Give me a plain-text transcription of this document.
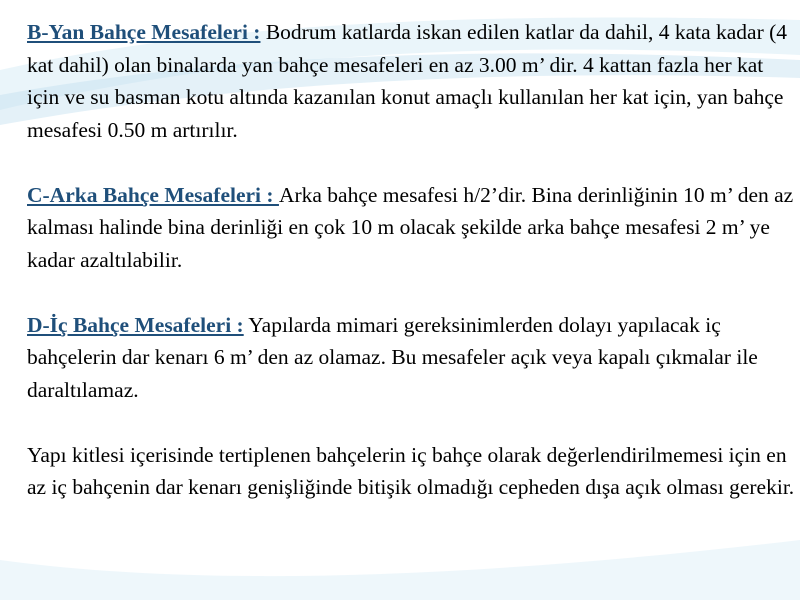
B-Yan Bahçe Mesafeleri : Bodrum katlarda iskan edilen katlar da dahil, 4 kata kadar (4 kat dahil) olan binalarda yan bahçe mesafeleri en az 3.00 m’ dir. 4 kattan fazla her kat için ve su basman kotu altında kazanılan konut amaçlı kullanılan her kat için, yan bahçe mesafesi 0.50 m artırılır.

C-Arka Bahçe Mesafeleri : Arka bahçe mesafesi h/2’dir. Bina derinliğinin 10 m’ den az kalması halinde bina derinliği en çok 10 m olacak şekilde arka bahçe mesafesi 2 m’ ye kadar azaltılabilir.

D-İç Bahçe Mesafeleri : Yapılarda mimari gereksinimlerden dolayı yapılacak iç bahçelerin dar kenarı 6 m’ den az olamaz. Bu mesafeler açık veya kapalı çıkmalar ile daraltılamaz.

Yapı kitlesi içerisinde tertiplenen bahçelerin iç bahçe olarak değerlendirilmemesi için en az iç bahçenin dar kenarı genişliğinde bitişik olmadığı cepheden dışa açık olması gerekir.
